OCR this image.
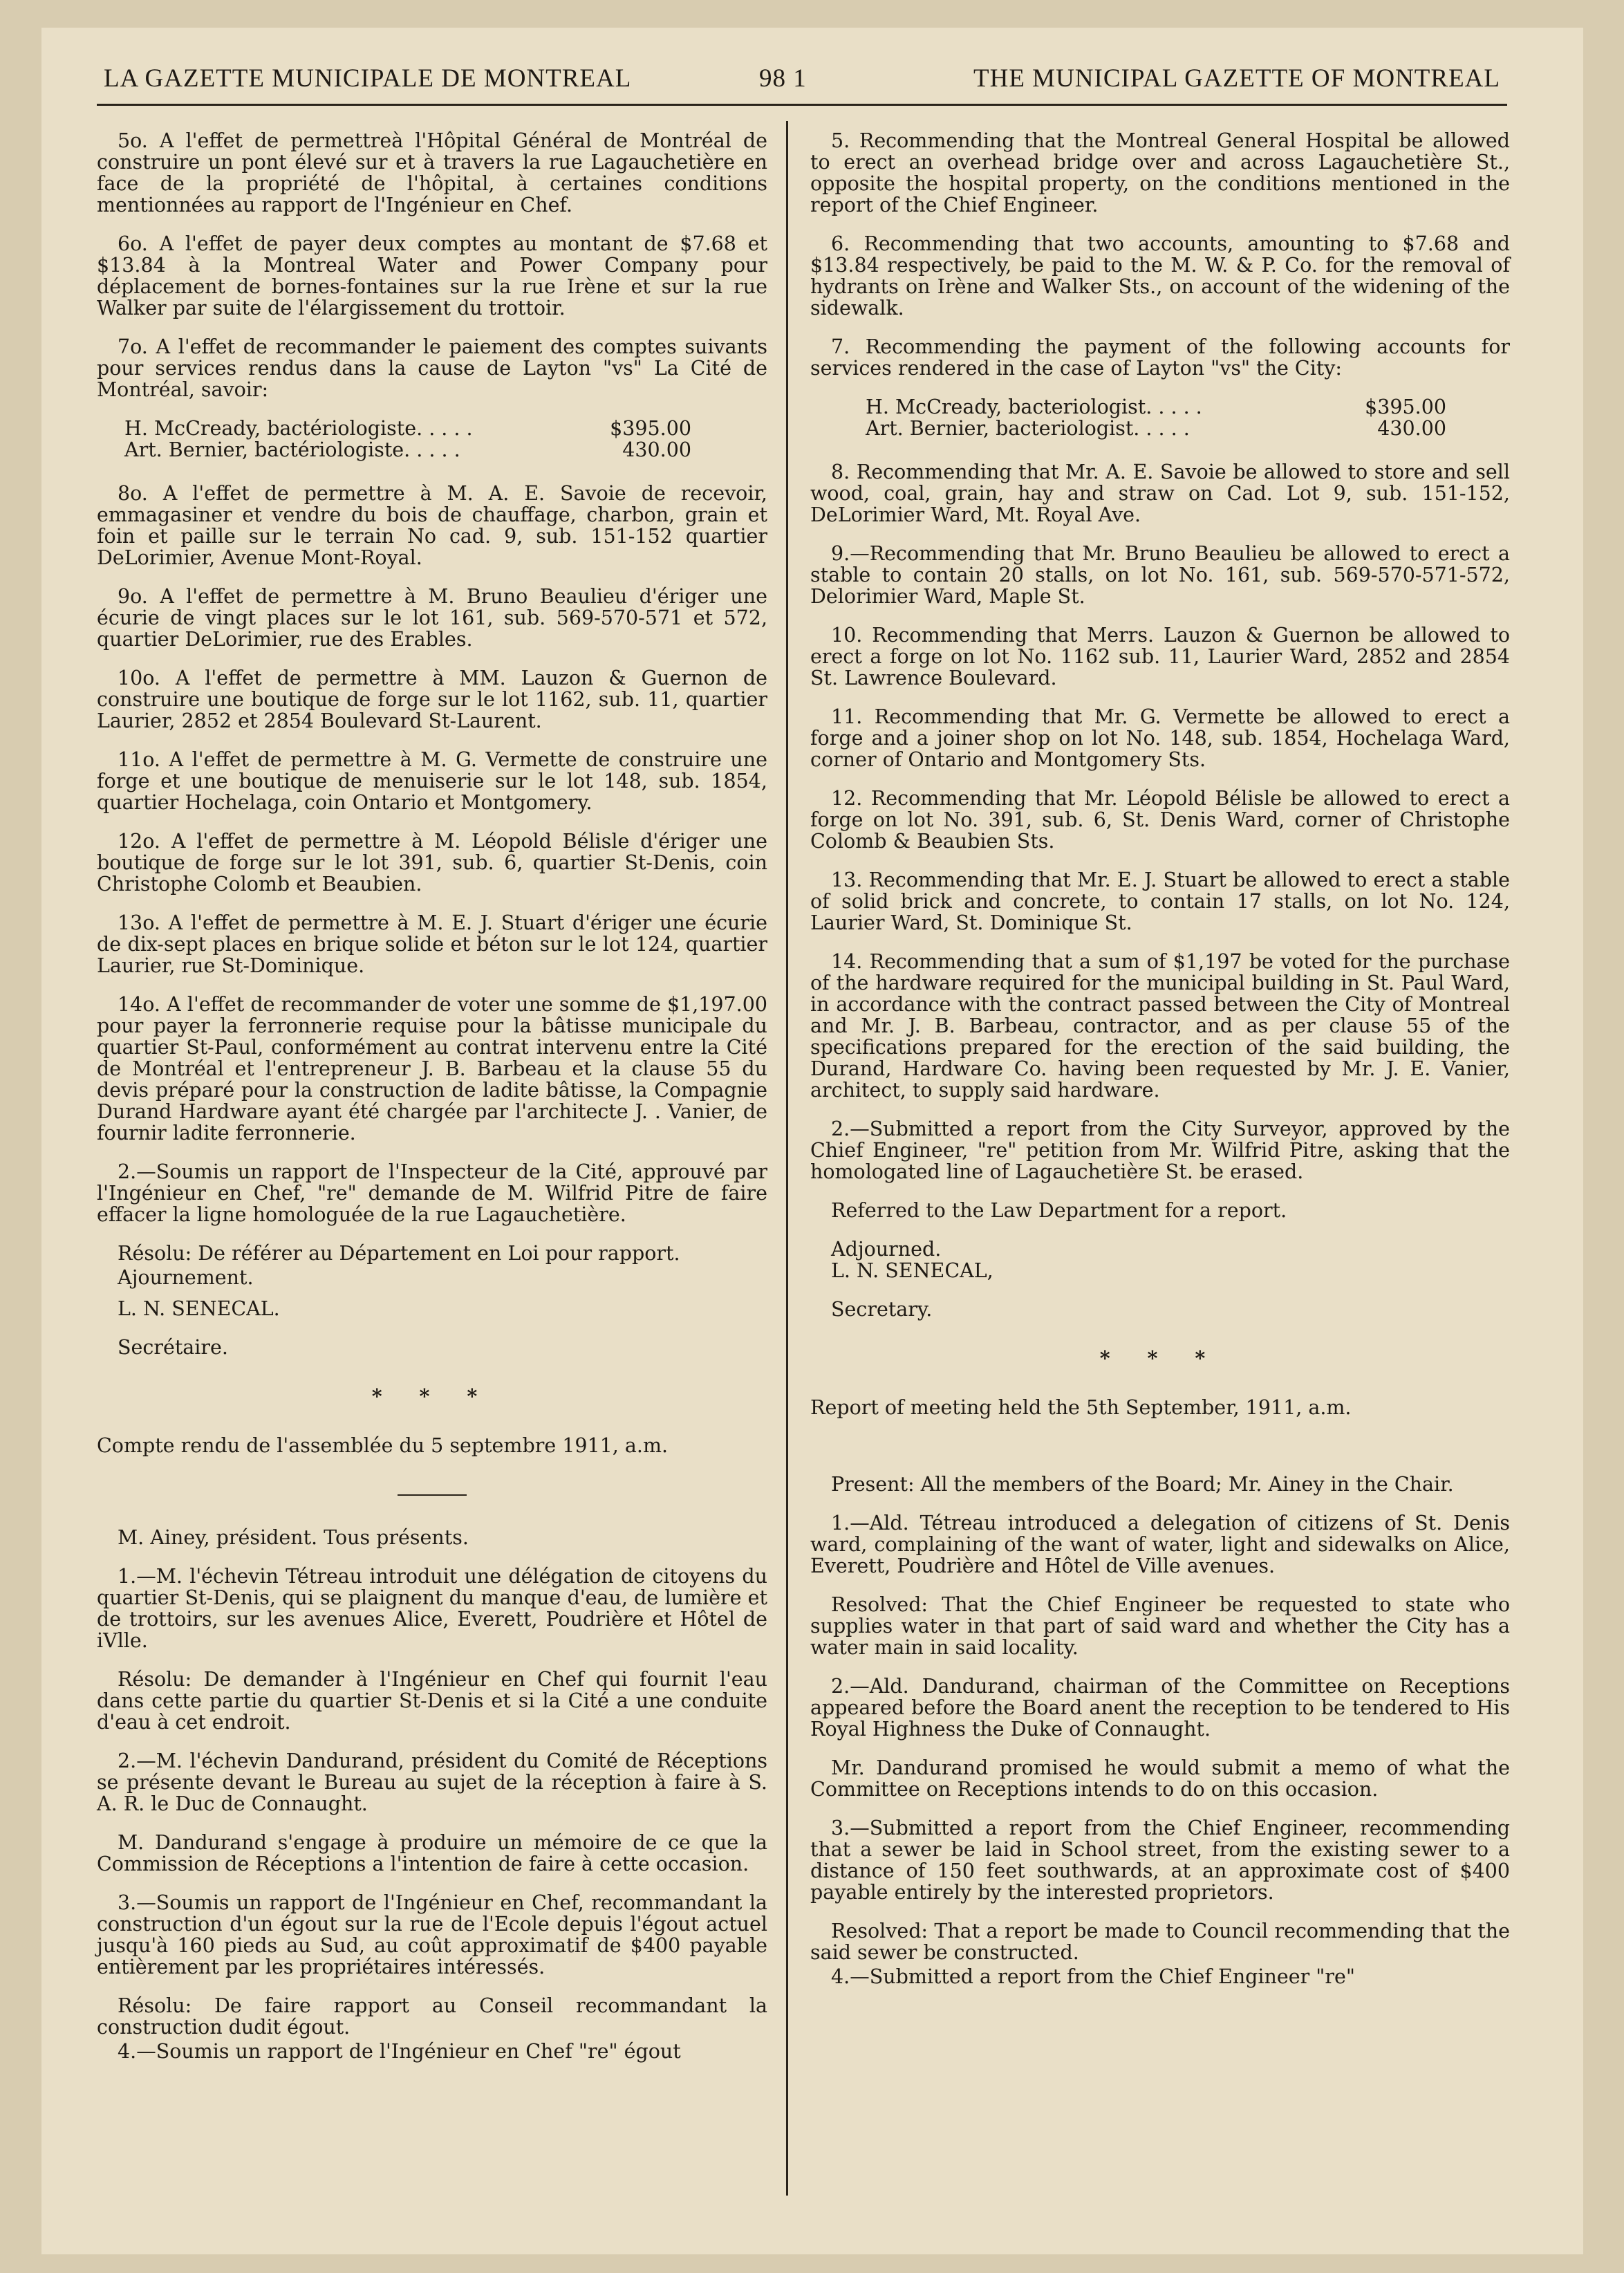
LA GAZETTE MUNICIPALE DE MONTREAL	98 1	THE MUNICIPAL GAZETTE OF MONTREAL

5o. A l'effet de permettreà l'Hôpital Général de Montréal de construire un pont élevé sur et à travers la rue Lagauchetière en face de la propriété de l'hôpital, à certaines conditions mentionnées au rapport de l'Ingénieur en Chef.

6o. A l'effet de payer deux comptes au montant de $7.68 et $13.84 à la Montreal Water and Power Company pour déplacement de bornes-fontaines sur la rue Irène et sur la rue Walker par suite de l'élargissement du trottoir.

7o. A l'effet de recommander le paiement des comptes suivants pour services rendus dans la cause de Layton "vs" La Cité de Montréal, savoir:

H. McCready, bactériologiste. . . . .	$395.00
Art. Bernier, bactériologiste. . . . .	430.00

8o. A l'effet de permettre à M. A. E. Savoie de recevoir, emmagasiner et vendre du bois de chauffage, charbon, grain et foin et paille sur le terrain No cad. 9, sub. 151-152 quartier DeLorimier, Avenue Mont-Royal.

9o. A l'effet de permettre à M. Bruno Beaulieu d'ériger une écurie de vingt places sur le lot 161, sub. 569-570-571 et 572, quartier DeLorimier, rue des Erables.

10o. A l'effet de permettre à MM. Lauzon & Guernon de construire une boutique de forge sur le lot 1162, sub. 11, quartier Laurier, 2852 et 2854 Boulevard St-Laurent.

11o. A l'effet de permettre à M. G. Vermette de construire une forge et une boutique de menuiserie sur le lot 148, sub. 1854, quartier Hochelaga, coin Ontario et Montgomery.

12o. A l'effet de permettre à M. Léopold Bélisle d'ériger une boutique de forge sur le lot 391, sub. 6, quartier St-Denis, coin Christophe Colomb et Beaubien.

13o. A l'effet de permettre à M. E. J. Stuart d'ériger une écurie de dix-sept places en brique solide et béton sur le lot 124, quartier Laurier, rue St-Dominique.

14o. A l'effet de recommander de voter une somme de $1,197.00 pour payer la ferronnerie requise pour la bâtisse municipale du quartier St-Paul, conformément au contrat intervenu entre la Cité de Montréal et l'entrepreneur J. B. Barbeau et la clause 55 du devis préparé pour la construction de ladite bâtisse, la Compagnie Durand Hardware ayant été chargée par l'architecte J. . Vanier, de fournir ladite ferronnerie.

2.—Soumis un rapport de l'Inspecteur de la Cité, approuvé par l'Ingénieur en Chef, "re" demande de M. Wilfrid Pitre de faire effacer la ligne homologuée de la rue Lagauchetière.

Résolu: De référer au Département en Loi pour rapport.

Ajournement.

L. N. SENECAL.

Secrétaire.

* * *

Compte rendu de l'assemblée du 5 septembre 1911, a.m.

M. Ainey, président. Tous présents.

1.—M. l'échevin Tétreau introduit une délégation de citoyens du quartier St-Denis, qui se plaignent du manque d'eau, de lumière et de trottoirs, sur les avenues Alice, Everett, Poudrière et Hôtel de iVlle.

Résolu: De demander à l'Ingénieur en Chef qui fournit l'eau dans cette partie du quartier St-Denis et si la Cité a une conduite d'eau à cet endroit.

2.—M. l'échevin Dandurand, président du Comité de Réceptions se présente devant le Bureau au sujet de la réception à faire à S. A. R. le Duc de Connaught.

M. Dandurand s'engage à produire un mémoire de ce que la Commission de Réceptions a l'intention de faire à cette occasion.

3.—Soumis un rapport de l'Ingénieur en Chef, recommandant la construction d'un égout sur la rue de l'Ecole depuis l'égout actuel jusqu'à 160 pieds au Sud, au coût approximatif de $400 payable entièrement par les propriétaires intéressés.

Résolu: De faire rapport au Conseil recommandant la construction dudit égout.

4.—Soumis un rapport de l'Ingénieur en Chef "re" égout

5. Recommending that the Montreal General Hospital be allowed to erect an overhead bridge over and across Lagauchetière St., opposite the hospital property, on the conditions mentioned in the report of the Chief Engineer.

6. Recommending that two accounts, amounting to $7.68 and $13.84 respectively, be paid to the M. W. & P. Co. for the removal of hydrants on Irène and Walker Sts., on account of the widening of the sidewalk.

7. Recommending the payment of the following accounts for services rendered in the case of Layton "vs" the City:

H. McCready, bacteriologist. . . . .	$395.00
Art. Bernier, bacteriologist. . . . .	430.00

8. Recommending that Mr. A. E. Savoie be allowed to store and sell wood, coal, grain, hay and straw on Cad. Lot 9, sub. 151-152, DeLorimier Ward, Mt. Royal Ave.

9.—Recommending that Mr. Bruno Beaulieu be allowed to erect a stable to contain 20 stalls, on lot No. 161, sub. 569-570-571-572, Delorimier Ward, Maple St.

10. Recommending that Merrs. Lauzon & Guernon be allowed to erect a forge on lot No. 1162 sub. 11, Laurier Ward, 2852 and 2854 St. Lawrence Boulevard.

11. Recommending that Mr. G. Vermette be allowed to erect a forge and a joiner shop on lot No. 148, sub. 1854, Hochelaga Ward, corner of Ontario and Montgomery Sts.

12. Recommending that Mr. Léopold Bélisle be allowed to erect a forge on lot No. 391, sub. 6, St. Denis Ward, corner of Christophe Colomb & Beaubien Sts.

13. Recommending that Mr. E. J. Stuart be allowed to erect a stable of solid brick and concrete, to contain 17 stalls, on lot No. 124, Laurier Ward, St. Dominique St.

14. Recommending that a sum of $1,197 be voted for the purchase of the hardware required for the municipal building in St. Paul Ward, in accordance with the contract passed between the City of Montreal and Mr. J. B. Barbeau, contractor, and as per clause 55 of the specifications prepared for the erection of the said building, the Durand, Hardware Co. having been requested by Mr. J. E. Vanier, architect, to supply said hardware.

2.—Submitted a report from the City Surveyor, approved by the Chief Engineer, "re" petition from Mr. Wilfrid Pitre, asking that the homologated line of Lagauchetière St. be erased.

Referred to the Law Department for a report.

Adjourned.

L. N. SENECAL,

Secretary.

* * *

Report of meeting held the 5th September, 1911, a.m.

Present: All the members of the Board; Mr. Ainey in the Chair.

1.—Ald. Tétreau introduced a delegation of citizens of St. Denis ward, complaining of the want of water, light and sidewalks on Alice, Everett, Poudrière and Hôtel de Ville avenues.

Resolved: That the Chief Engineer be requested to state who supplies water in that part of said ward and whether the City has a water main in said locality.

2.—Ald. Dandurand, chairman of the Committee on Receptions appeared before the Board anent the reception to be tendered to His Royal Highness the Duke of Connaught.

Mr. Dandurand promised he would submit a memo of what the Committee on Receptions intends to do on this occasion.

3.—Submitted a report from the Chief Engineer, recommending that a sewer be laid in School street, from the existing sewer to a distance of 150 feet southwards, at an approximate cost of $400 payable entirely by the interested proprietors.

Resolved: That a report be made to Council recommending that the said sewer be constructed.

4.—Submitted a report from the Chief Engineer "re"
